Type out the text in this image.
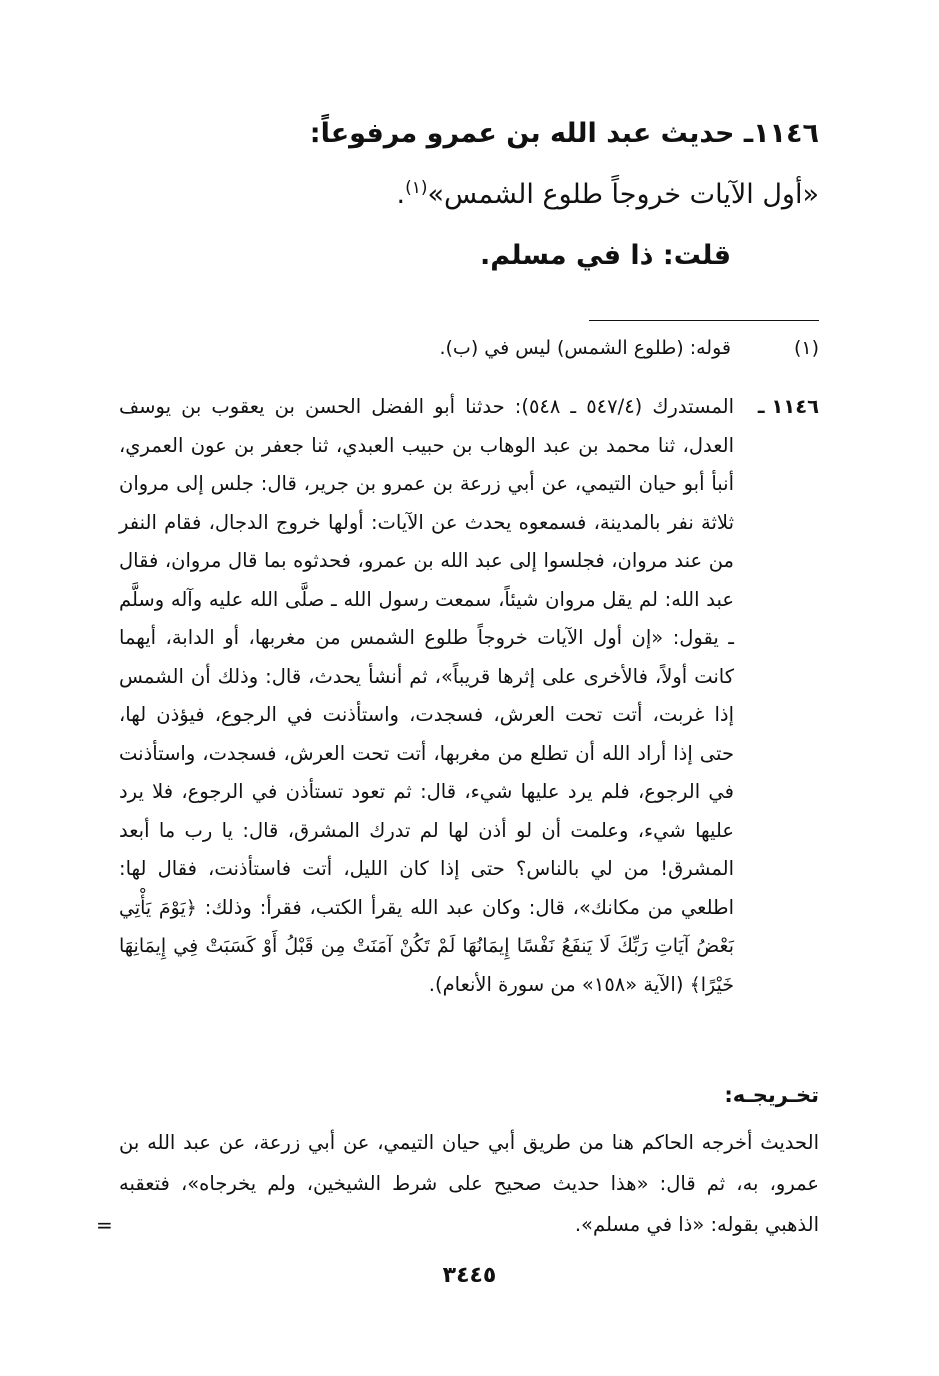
١١٤٦ـ حديث عبد الله بن عمرو مرفوعاً:
«أول الآيات خروجاً طلوع الشمس»$^{(١)}$.
قلت: ذا في مسلم.
(١)
قوله: (طلوع الشمس) ليس في (ب).
١١٤٦ ـ
المستدرك (٥٤٧/٤ ـ ٥٤٨): حدثنا أبو الفضل الحسن بن يعقوب بن يوسف العدل، ثنا محمد بن عبد الوهاب بن حبيب العبدي، ثنا جعفر بن عون العمري، أنبأ أبو حيان التيمي، عن أبي زرعة بن عمرو بن جرير، قال: جلس إلى مروان ثلاثة نفر بالمدينة، فسمعوه يحدث عن الآيات: أولها خروج الدجال، فقام النفر من عند مروان، فجلسوا إلى عبد الله بن عمرو، فحدثوه بما قال مروان، فقال عبد الله: لم يقل مروان شيئاً، سمعت رسول الله ـ صلَّى الله عليه وآله وسلَّم ـ يقول: «إن أول الآيات خروجاً طلوع الشمس من مغربها، أو الدابة، أيهما كانت أولاً، فالأخرى على إثرها قريباً»، ثم أنشأ يحدث، قال: وذلك أن الشمس إذا غربت، أتت تحت العرش، فسجدت، واستأذنت في الرجوع، فيؤذن لها، حتى إذا أراد الله أن تطلع من مغربها، أتت تحت العرش، فسجدت، واستأذنت في الرجوع، فلم يرد عليها شيء، قال: ثم تعود تستأذن في الرجوع، فلا يرد عليها شيء، وعلمت أن لو أذن لها لم تدرك المشرق، قال: يا رب ما أبعد المشرق! من لي بالناس؟ حتى إذا كان الليل، أتت فاستأذنت، فقال لها: اطلعي من مكانك»، قال: وكان عبد الله يقرأ الكتب، فقرأ: وذلك: ﴿يَوْمَ يَأْتِي بَعْضُ آيَاتِ رَبِّكَ لَا يَنفَعُ نَفْسًا إِيمَانُهَا لَمْ تَكُنْ آمَنَتْ مِن قَبْلُ أَوْ كَسَبَتْ فِي إِيمَانِهَا خَيْرًا﴾ (الآية «١٥٨» من سورة الأنعام).
تخـريجـه:
الحديث أخرجه الحاكم هنا من طريق أبي حيان التيمي، عن أبي زرعة، عن عبد الله بن عمرو، به، ثم قال: «هذا حديث صحيح على شرط الشيخين، ولم يخرجاه»، فتعقبه الذهبي بقوله: «ذا في مسلم».
=
٣٤٤٥
